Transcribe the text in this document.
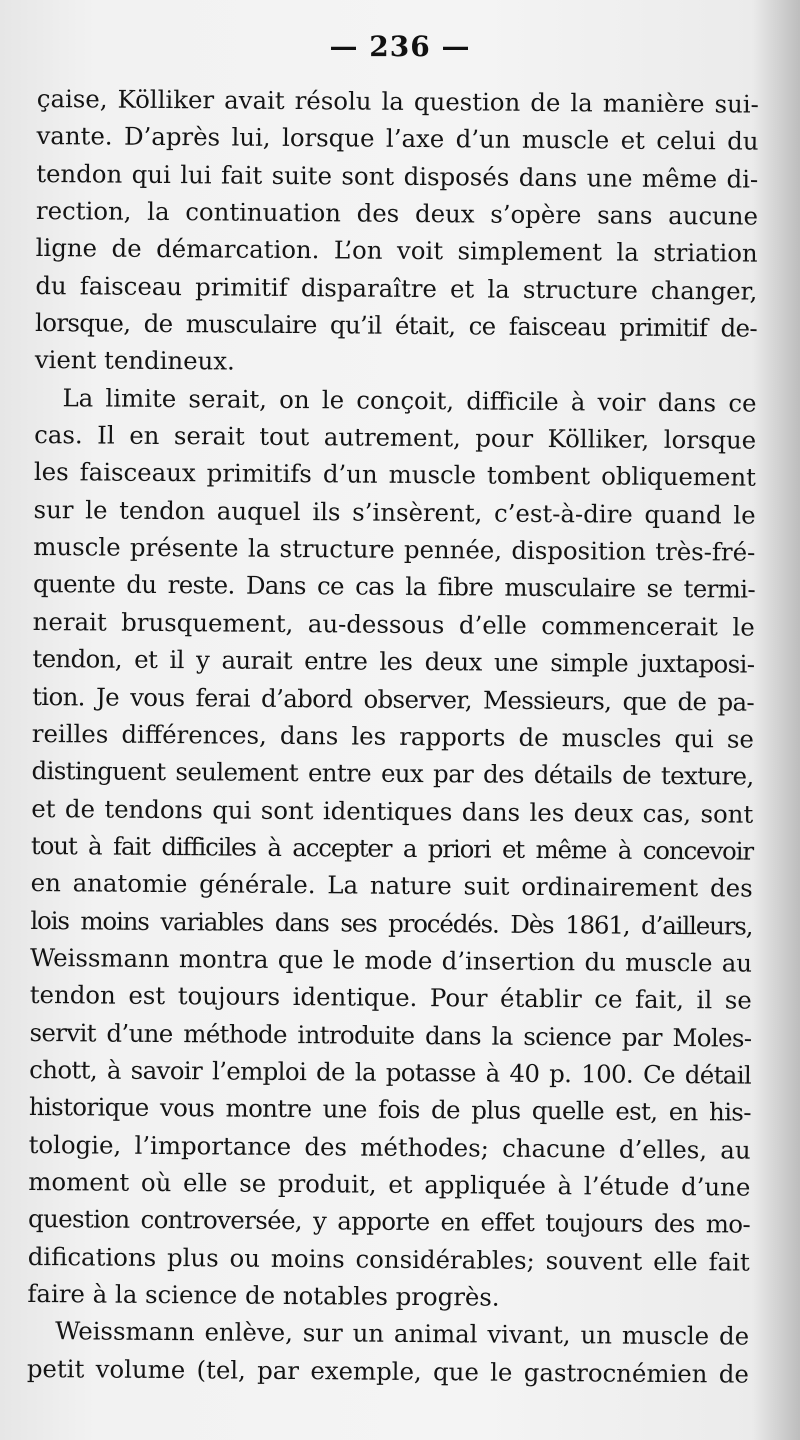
— 236 —
çaise, Kölliker avait résolu la question de la manière sui-
vante. D’après lui, lorsque l’axe d’un muscle et celui du
tendon qui lui fait suite sont disposés dans une même di-
rection, la continuation des deux s’opère sans aucune
ligne de démarcation. L’on voit simplement la striation
du faisceau primitif disparaître et la structure changer,
lorsque, de musculaire qu’il était, ce faisceau primitif de-
vient tendineux.
La limite serait, on le conçoit, difficile à voir dans ce
cas. Il en serait tout autrement, pour Kölliker, lorsque
les faisceaux primitifs d’un muscle tombent obliquement
sur le tendon auquel ils s’insèrent, c’est-à-dire quand le
muscle présente la structure pennée, disposition très-fré-
quente du reste. Dans ce cas la fibre musculaire se termi-
nerait brusquement, au-dessous d’elle commencerait le
tendon, et il y aurait entre les deux une simple juxtaposi-
tion. Je vous ferai d’abord observer, Messieurs, que de pa-
reilles différences, dans les rapports de muscles qui se
distinguent seulement entre eux par des détails de texture,
et de tendons qui sont identiques dans les deux cas, sont
tout à fait difficiles à accepter a priori et même à concevoir
en anatomie générale. La nature suit ordinairement des
lois moins variables dans ses procédés. Dès 1861, d’ailleurs,
Weissmann montra que le mode d’insertion du muscle au
tendon est toujours identique. Pour établir ce fait, il se
servit d’une méthode introduite dans la science par Moles-
chott, à savoir l’emploi de la potasse à 40 p. 100. Ce détail
historique vous montre une fois de plus quelle est, en his-
tologie, l’importance des méthodes; chacune d’elles, au
moment où elle se produit, et appliquée à l’étude d’une
question controversée, y apporte en effet toujours des mo-
difications plus ou moins considérables; souvent elle fait
faire à la science de notables progrès.
Weissmann enlève, sur un animal vivant, un muscle de
petit volume (tel, par exemple, que le gastrocnémien de
